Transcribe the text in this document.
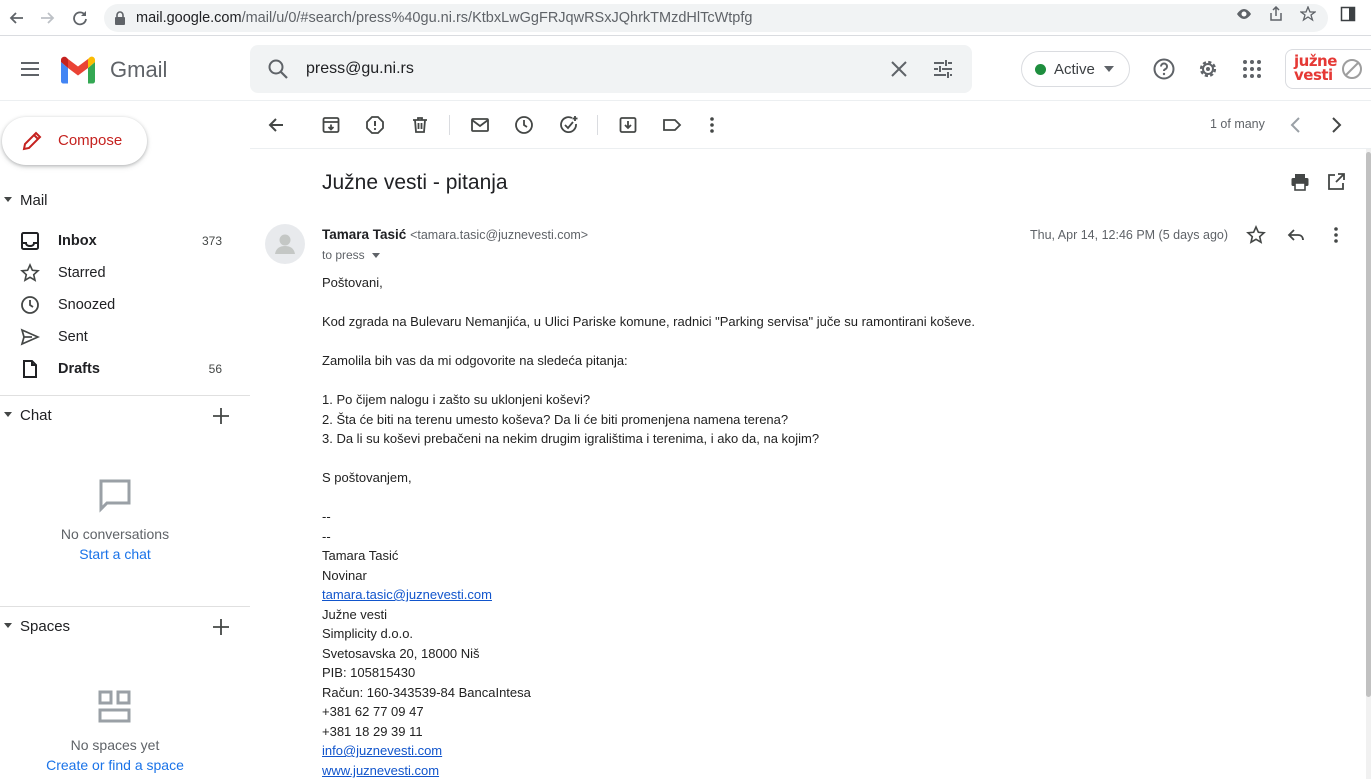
mail.google.com/mail/u/0/#search/press%40gu.ni.rs/KtbxLwGgFRJqwRSxJQhrkTMzdHlTcWtpfg
Gmail
press@gu.ni.rs	Active	južne
vesti
Compose
Mail
Inbox	373
Starred
Snoozed
Sent
Drafts	56
Chat
No conversations
Start a chat
Spaces
No spaces yet
Create or find a space
1 of many
Južne vesti - pitanja
Tamara Tasić <tamara.tasic@juznevesti.com>
to press
Thu, Apr 14, 12:46 PM (5 days ago)
Poštovani,
Kod zgrada na Bulevaru Nemanjića, u Ulici Pariske komune, radnici "Parking servisa" juče su ramontirani koševe.
Zamolila bih vas da mi odgovorite na sledeća pitanja:
1. Po čijem nalogu i zašto su uklonjeni koševi?
2. Šta će biti na terenu umesto koševa? Da li će biti promenjena namena terena?
3. Da li su koševi prebačeni na nekim drugim igralištima i terenima, i ako da, na kojim?
S poštovanjem,
--
--
Tamara Tasić
Novinar
tamara.tasic@juznevesti.com
Južne vesti
Simplicity d.o.o.
Svetosavska 20, 18000 Niš
PIB: 105815430
Račun: 160-343539-84 BancaIntesa
+381 62 77 09 47
+381 18 29 39 11
info@juznevesti.com
www.juznevesti.com
